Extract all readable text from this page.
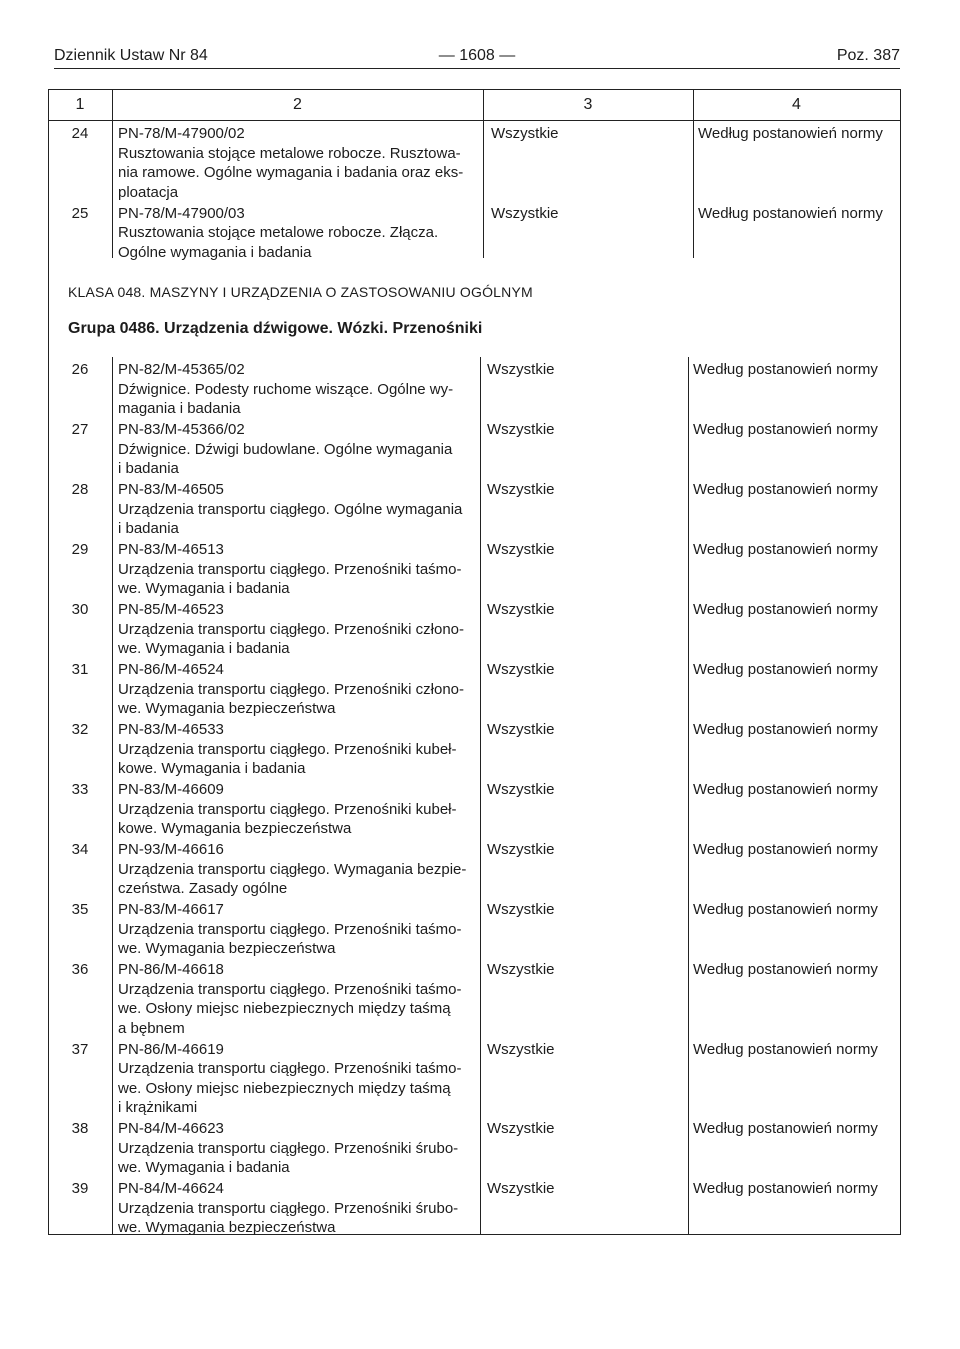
Dziennik Ustaw Nr 84	— 1608 —	Poz. 387
1	2	3	4
24	PN-78/M-47900/02
Rusztowania stojące metalowe robocze. Rusztowa-
nia ramowe. Ogólne wymagania i badania oraz eks-
ploatacja
Wszystkie	Według postanowień normy
25	PN-78/M-47900/03
Rusztowania stojące metalowe robocze. Złącza.
Ogólne wymagania i badania
Wszystkie	Według postanowień normy
KLASA 048. MASZYNY I URZĄDZENIA O ZASTOSOWANIU OGÓLNYM
Grupa 0486. Urządzenia dźwigowe. Wózki. Przenośniki
26	PN-82/M-45365/02
Dźwignice. Podesty ruchome wiszące. Ogólne wy-
magania i badania
Wszystkie	Według postanowień normy
27	PN-83/M-45366/02
Dźwignice. Dźwigi budowlane. Ogólne wymagania
i badania
Wszystkie	Według postanowień normy
28	PN-83/M-46505
Urządzenia transportu ciągłego. Ogólne wymagania
i badania
Wszystkie	Według postanowień normy
29	PN-83/M-46513
Urządzenia transportu ciągłego. Przenośniki taśmo-
we. Wymagania i badania
Wszystkie	Według postanowień normy
30	PN-85/M-46523
Urządzenia transportu ciągłego. Przenośniki człono-
we. Wymagania i badania
Wszystkie	Według postanowień normy
31	PN-86/M-46524
Urządzenia transportu ciągłego. Przenośniki człono-
we. Wymagania bezpieczeństwa
Wszystkie	Według postanowień normy
32	PN-83/M-46533
Urządzenia transportu ciągłego. Przenośniki kubeł-
kowe. Wymagania i badania
Wszystkie	Według postanowień normy
33	PN-83/M-46609
Urządzenia transportu ciągłego. Przenośniki kubeł-
kowe. Wymagania bezpieczeństwa
Wszystkie	Według postanowień normy
34	PN-93/M-46616
Urządzenia transportu ciągłego. Wymagania bezpie-
czeństwa. Zasady ogólne
Wszystkie	Według postanowień normy
35	PN-83/M-46617
Urządzenia transportu ciągłego. Przenośniki taśmo-
we. Wymagania bezpieczeństwa
Wszystkie	Według postanowień normy
36	PN-86/M-46618
Urządzenia transportu ciągłego. Przenośniki taśmo-
we. Osłony miejsc niebezpiecznych między taśmą
a bębnem
Wszystkie	Według postanowień normy
37	PN-86/M-46619
Urządzenia transportu ciągłego. Przenośniki taśmo-
we. Osłony miejsc niebezpiecznych między taśmą
i krążnikami
Wszystkie	Według postanowień normy
38	PN-84/M-46623
Urządzenia transportu ciągłego. Przenośniki śrubo-
we. Wymagania i badania
Wszystkie	Według postanowień normy
39	PN-84/M-46624
Urządzenia transportu ciągłego. Przenośniki śrubo-
we. Wymagania bezpieczeństwa
Wszystkie	Według postanowień normy
